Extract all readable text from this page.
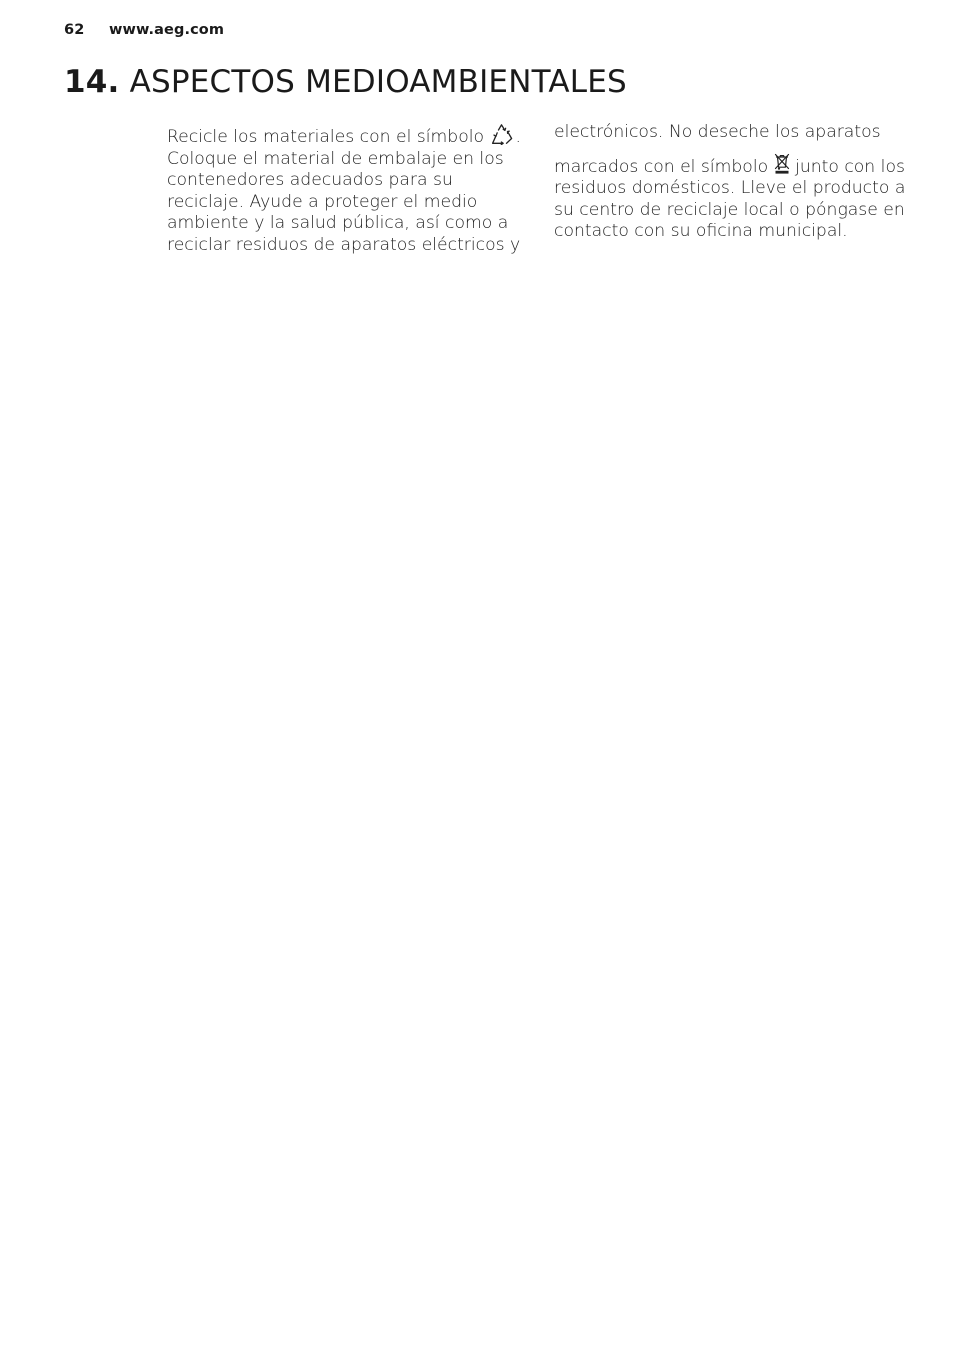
62 www.aeg.com
14. ASPECTOS MEDIOAMBIENTALES

Recicle los materiales con el símbolo .
Coloque el material de embalaje en los
contenedores adecuados para su
reciclaje. Ayude a proteger el medio
ambiente y la salud pública, así como a
reciclar residuos de aparatos eléctricos y

electrónicos. No deseche los aparatos
marcados con el símbolo junto con los
residuos domésticos. Lleve el producto a
su centro de reciclaje local o póngase en
contacto con su oficina municipal.
